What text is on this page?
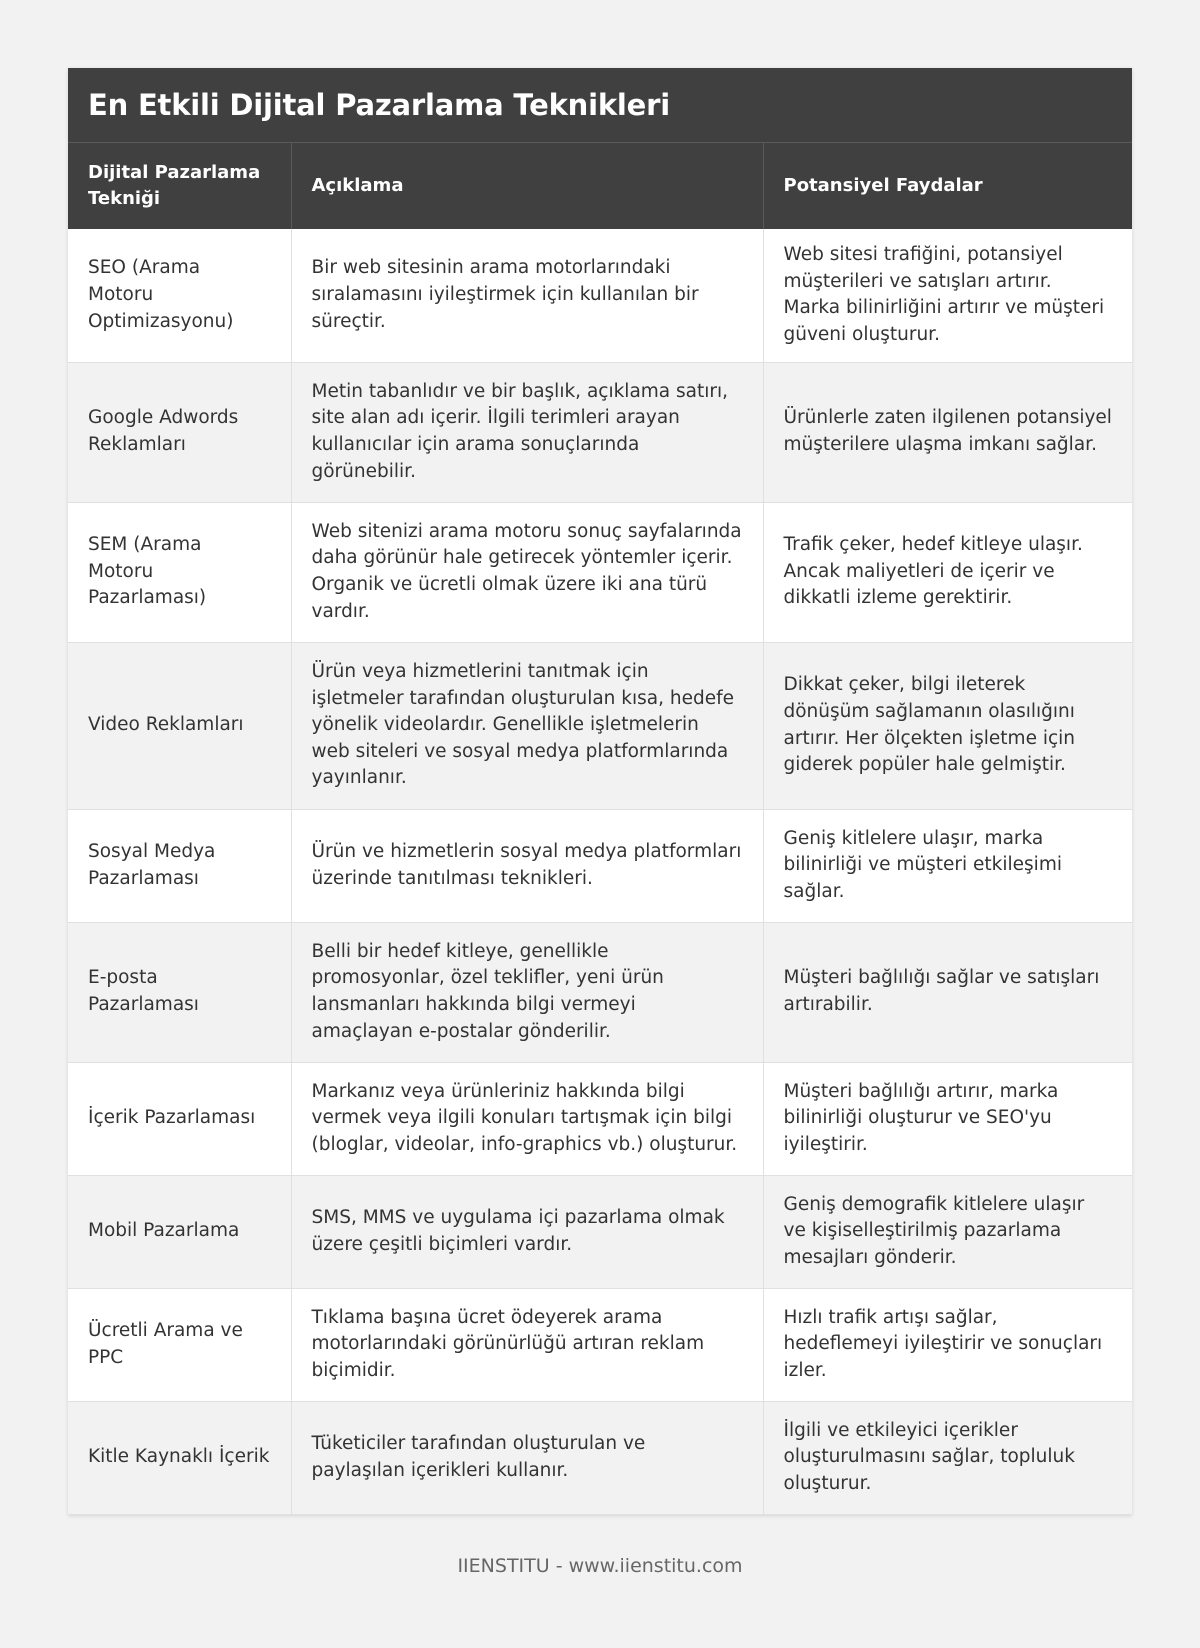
En Etkili Dijital Pazarlama Teknikleri
Dijital Pazarlama Tekniği	Açıklama	Potansiyel Faydalar
SEO (Arama Motoru Optimizasyonu)	Bir web sitesinin arama motorlarındaki sıralamasını iyileştirmek için kullanılan bir süreçtir.	Web sitesi trafiğini, potansiyel müşterileri ve satışları artırır. Marka bilinirliğini artırır ve müşteri güveni oluşturur.
Google Adwords Reklamları	Metin tabanlıdır ve bir başlık, açıklama satırı, site alan adı içerir. İlgili terimleri arayan kullanıcılar için arama sonuçlarında görünebilir.	Ürünlerle zaten ilgilenen potansiyel müşterilere ulaşma imkanı sağlar.
SEM (Arama Motoru Pazarlaması)	Web sitenizi arama motoru sonuç sayfalarında daha görünür hale getirecek yöntemler içerir. Organik ve ücretli olmak üzere iki ana türü vardır.	Trafik çeker, hedef kitleye ulaşır. Ancak maliyetleri de içerir ve dikkatli izleme gerektirir.
Video Reklamları	Ürün veya hizmetlerini tanıtmak için işletmeler tarafından oluşturulan kısa, hedefe yönelik videolardır. Genellikle işletmelerin web siteleri ve sosyal medya platformlarında yayınlanır.	Dikkat çeker, bilgi ileterek dönüşüm sağlamanın olasılığını artırır. Her ölçekten işletme için giderek popüler hale gelmiştir.
Sosyal Medya Pazarlaması	Ürün ve hizmetlerin sosyal medya platformları üzerinde tanıtılması teknikleri.	Geniş kitlelere ulaşır, marka bilinirliği ve müşteri etkileşimi sağlar.
E-posta Pazarlaması	Belli bir hedef kitleye, genellikle promosyonlar, özel teklifler, yeni ürün lansmanları hakkında bilgi vermeyi amaçlayan e-postalar gönderilir.	Müşteri bağlılığı sağlar ve satışları artırabilir.
İçerik Pazarlaması	Markanız veya ürünleriniz hakkında bilgi vermek veya ilgili konuları tartışmak için bilgi (bloglar, videolar, info-graphics vb.) oluşturur.	Müşteri bağlılığı artırır, marka bilinirliği oluşturur ve SEO'yu iyileştirir.
Mobil Pazarlama	SMS, MMS ve uygulama içi pazarlama olmak üzere çeşitli biçimleri vardır.	Geniş demografik kitlelere ulaşır ve kişiselleştirilmiş pazarlama mesajları gönderir.
Ücretli Arama ve PPC	Tıklama başına ücret ödeyerek arama motorlarındaki görünürlüğü artıran reklam biçimidir.	Hızlı trafik artışı sağlar, hedeflemeyi iyileştirir ve sonuçları izler.
Kitle Kaynaklı İçerik	Tüketiciler tarafından oluşturulan ve paylaşılan içerikleri kullanır.	İlgili ve etkileyici içerikler oluşturulmasını sağlar, topluluk oluşturur.
IIENSTITU - www.iienstitu.com
